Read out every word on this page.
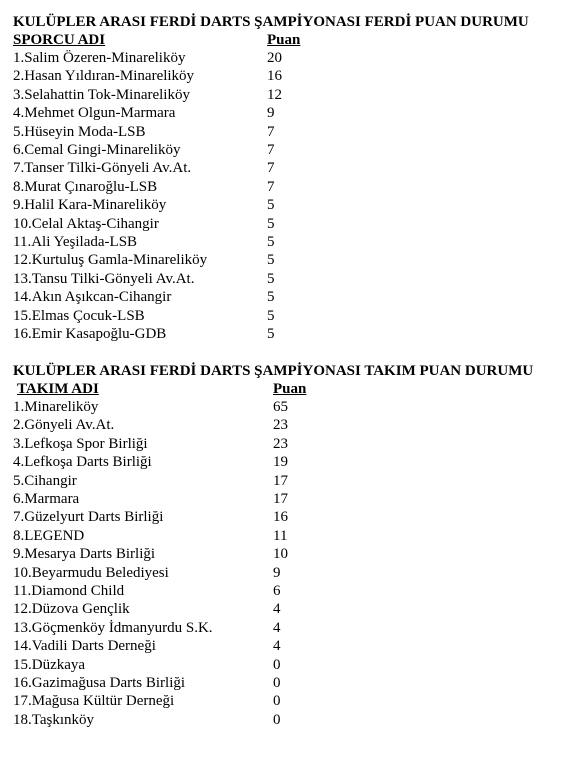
KULÜPLER ARASI FERDİ DARTS ŞAMPİYONASI FERDİ PUAN DURUMU
SPORCU ADI	Puan
1.Salim Özeren-Minareliköy	20
2.Hasan Yıldıran-Minareliköy	16
3.Selahattin Tok-Minareliköy	12
4.Mehmet Olgun-Marmara	9
5.Hüseyin Moda-LSB	7
6.Cemal Gingi-Minareliköy	7
7.Tanser Tilki-Gönyeli Av.At.	7
8.Murat Çınaroğlu-LSB	7
9.Halil Kara-Minareliköy	5
10.Celal Aktaş-Cihangir	5
11.Ali Yeşilada-LSB	5
12.Kurtuluş Gamla-Minareliköy	5
13.Tansu Tilki-Gönyeli Av.At.	5
14.Akın Aşıkcan-Cihangir	5
15.Elmas Çocuk-LSB	5
16.Emir Kasapoğlu-GDB	5
KULÜPLER ARASI FERDİ DARTS ŞAMPİYONASI TAKIM PUAN DURUMU
TAKIM ADI	Puan
1.Minareliköy	65
2.Gönyeli Av.At.	23
3.Lefkoşa Spor Birliği	23
4.Lefkoşa Darts Birliği	19
5.Cihangir	17
6.Marmara	17
7.Güzelyurt Darts Birliği	16
8.LEGEND	11
9.Mesarya Darts Birliği	10
10.Beyarmudu Belediyesi	9
11.Diamond Child	6
12.Düzova Gençlik	4
13.Göçmenköy İdmanyurdu S.K.	4
14.Vadili Darts Derneği	4
15.Düzkaya	0
16.Gazimağusa Darts Birliği	0
17.Mağusa Kültür Derneği	0
18.Taşkınköy	0
